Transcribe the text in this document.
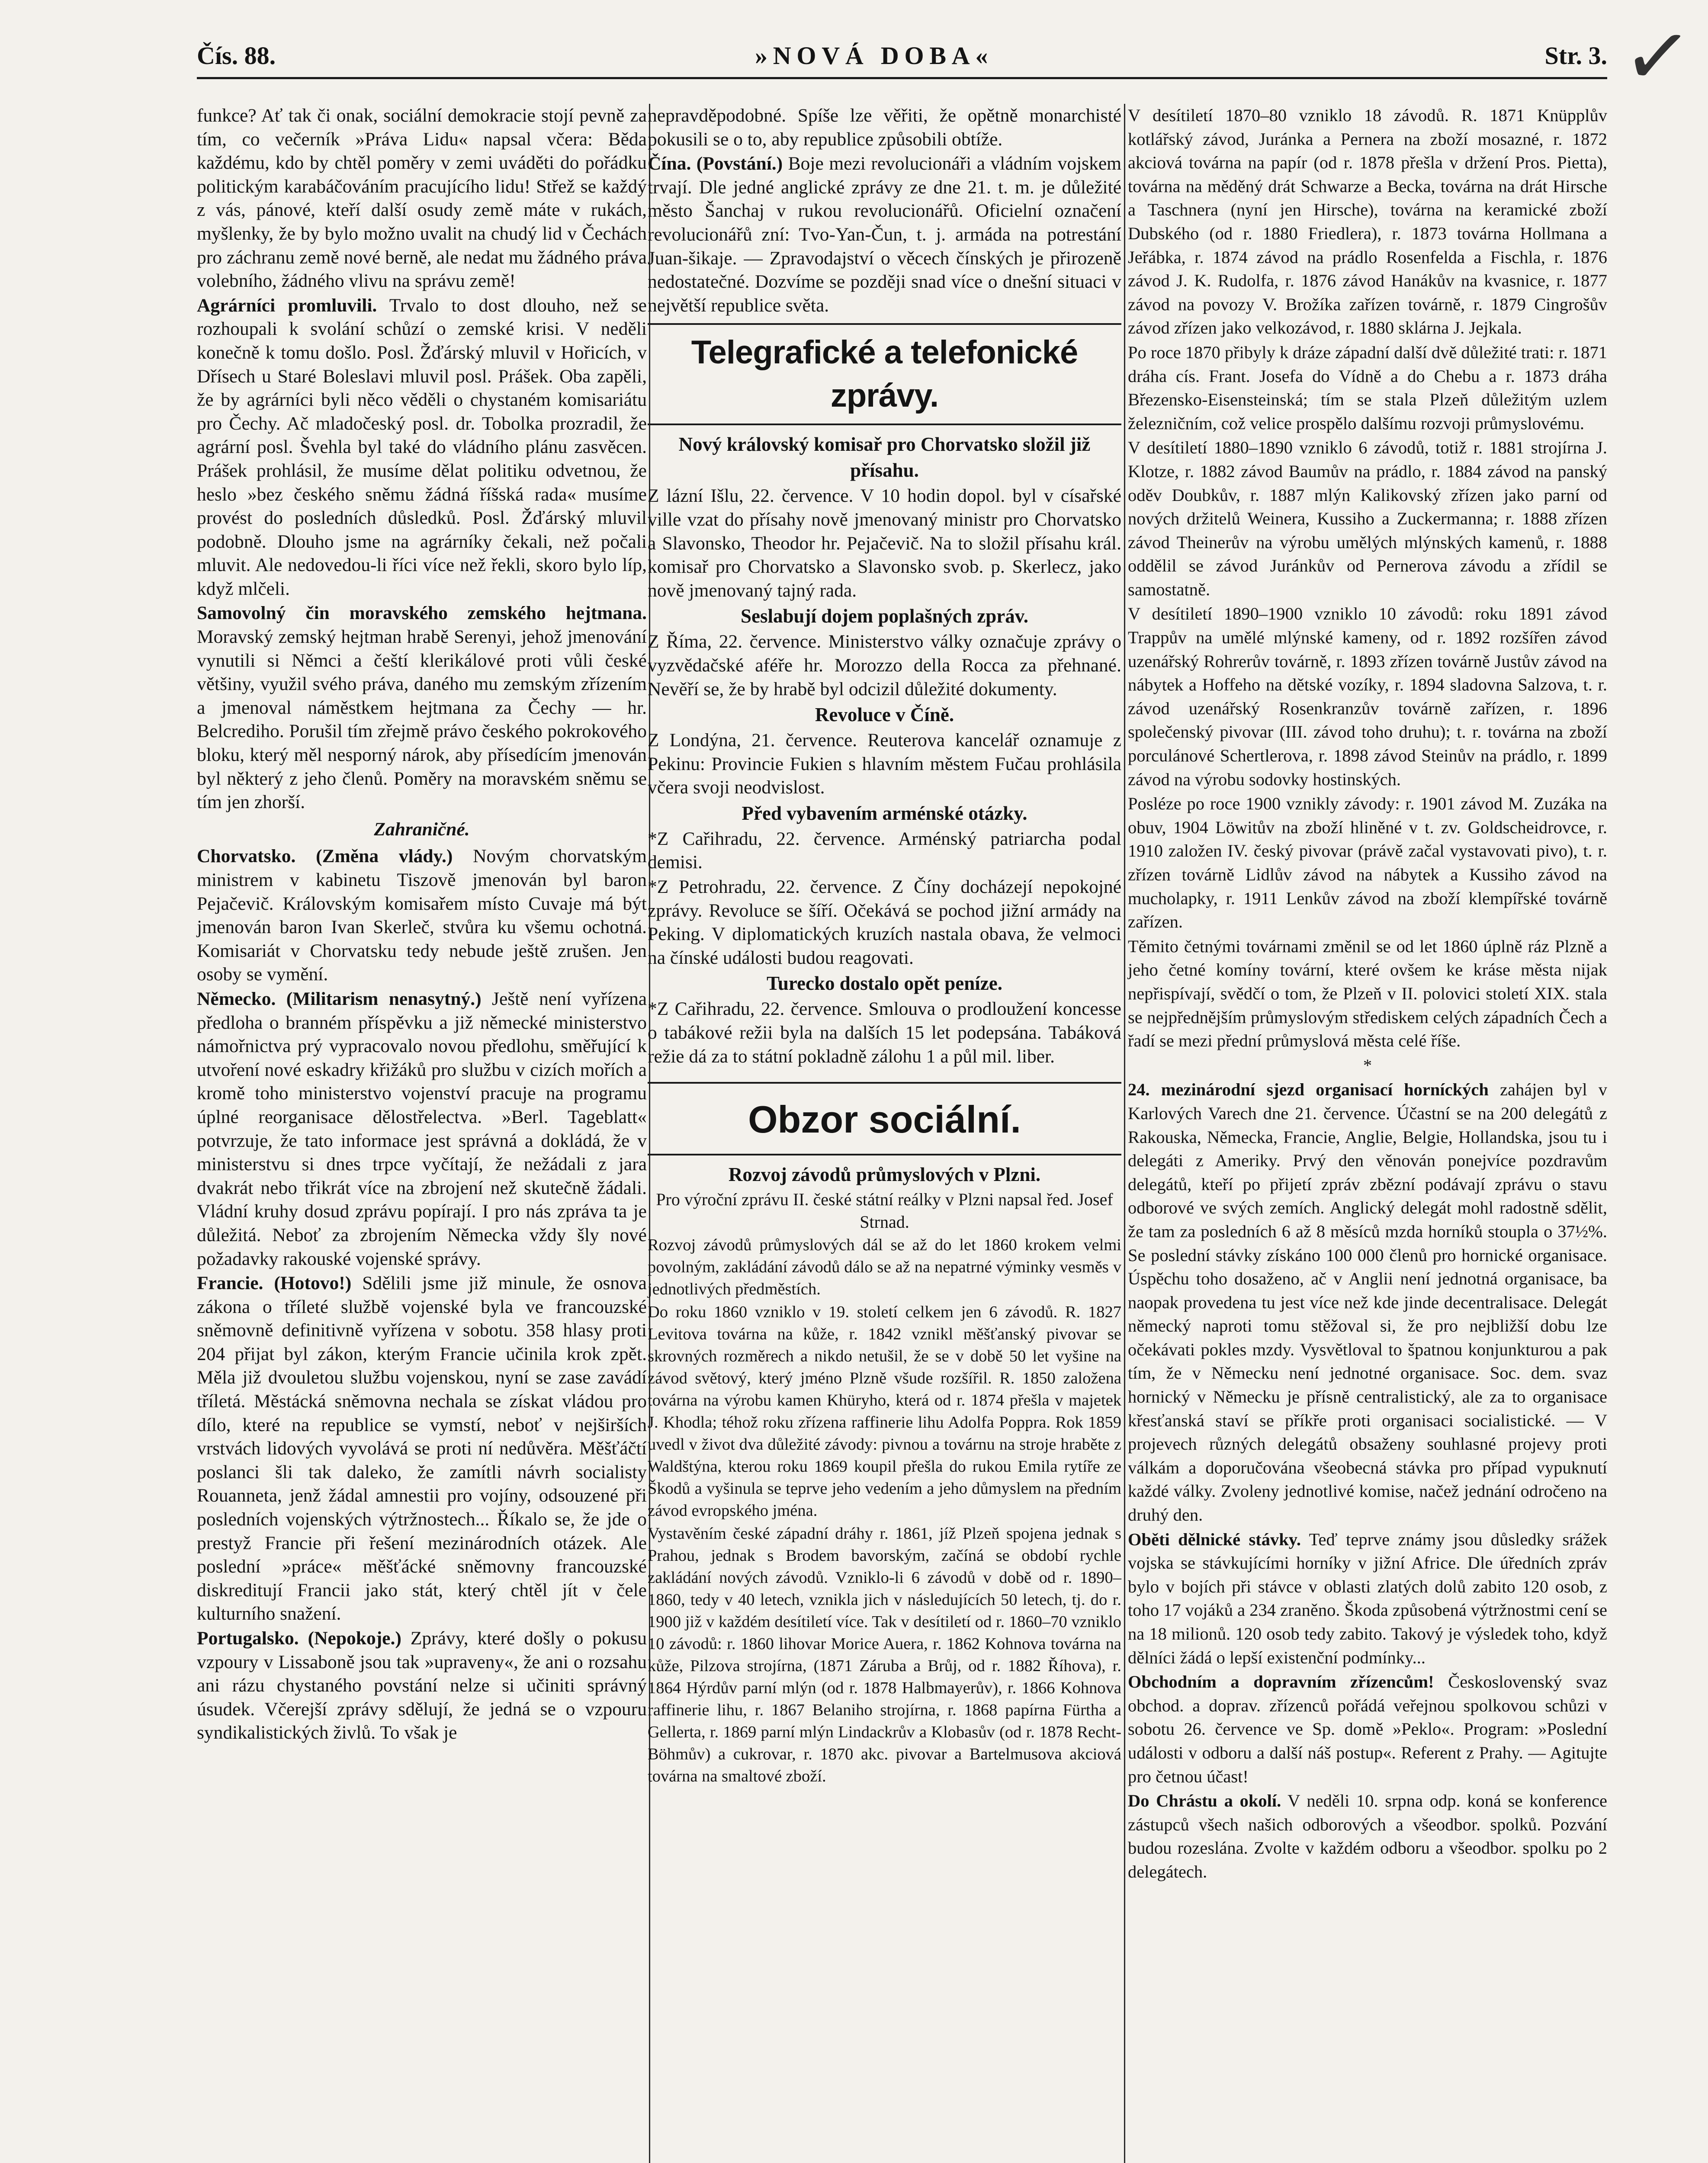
✓
Čís. 88.	»NOVÁ DOBA«	Str. 3.

funkce? Ať tak či onak, sociální demokracie stojí pevně za tím, co večerník »Práva Lidu« napsal včera: Běda každému, kdo by chtěl poměry v zemi uváděti do pořádku politickým karabáčováním pracujícího lidu! Střež se každý z vás, pánové, kteří další osudy země máte v rukách, myšlenky, že by bylo možno uvalit na chudý lid v Čechách pro záchranu země nové berně, ale nedat mu žádného práva volebního, žádného vlivu na správu země!

Agrárníci promluvili. Trvalo to dost dlouho, než se rozhoupali k svolání schůzí o zemské krisi. V neděli konečně k tomu došlo. Posl. Žďárský mluvil v Hořicích, v Dřísech u Staré Boleslavi mluvil posl. Prášek. Oba zapěli, že by agrárníci byli něco věděli o chystaném komisariátu pro Čechy. Ač mladočeský posl. dr. Tobolka prozradil, že agrární posl. Švehla byl také do vládního plánu zasvěcen. Prášek prohlásil, že musíme dělat politiku odvetnou, že heslo »bez českého sněmu žádná říšská rada« musíme provést do posledních důsledků. Posl. Žďárský mluvil podobně. Dlouho jsme na agrárníky čekali, než počali mluvit. Ale nedovedou-li říci více než řekli, skoro bylo líp, když mlčeli.

Samovolný čin moravského zemského hejtmana. Moravský zemský hejtman hrabě Serenyi, jehož jmenování vynutili si Němci a čeští klerikálové proti vůli české většiny, využil svého práva, daného mu zemským zřízením a jmenoval náměstkem hejtmana za Čechy — hr. Belcrediho. Porušil tím zřejmě právo českého pokrokového bloku, který měl nesporný nárok, aby přísedícím jmenován byl některý z jeho členů. Poměry na moravském sněmu se tím jen zhorší.

Zahraničné.

Chorvatsko. (Změna vlády.) Novým chorvatským ministrem v kabinetu Tiszově jmenován byl baron Pejačevič. Královským komisařem místo Cuvaje má být jmenován baron Ivan Skerleč, stvůra ku všemu ochotná. Komisariát v Chorvatsku tedy nebude ještě zrušen. Jen osoby se vymění.

Německo. (Militarism nenasytný.) Ještě není vyřízena předloha o branném příspěvku a již německé ministerstvo námořnictva prý vypracovalo novou předlohu, směřující k utvoření nové eskadry křižáků pro službu v cizích mořích a kromě toho ministerstvo vojenství pracuje na programu úplné reorganisace dělostřelectva. »Berl. Tageblatt« potvrzuje, že tato informace jest správná a dokládá, že v ministerstvu si dnes trpce vyčítají, že nežádali z jara dvakrát nebo třikrát více na zbrojení než skutečně žádali. Vládní kruhy dosud zprávu popírají. I pro nás zpráva ta je důležitá. Neboť za zbrojením Německa vždy šly nové požadavky rakouské vojenské správy.

Francie. (Hotovo!) Sdělili jsme již minule, že osnova zákona o tříleté službě vojenské byla ve francouzské sněmovně definitivně vyřízena v sobotu. 358 hlasy proti 204 přijat byl zákon, kterým Francie učinila krok zpět. Měla již dvouletou službu vojenskou, nyní se zase zavádí tříletá. Městácká sněmovna nechala se získat vládou pro dílo, které na republice se vymstí, neboť v nejširších vrstvách lidových vyvolává se proti ní nedůvěra. Měšťáčtí poslanci šli tak daleko, že zamítli návrh socialisty Rouanneta, jenž žádal amnestii pro vojíny, odsouzené při posledních vojenských výtržnostech... Říkalo se, že jde o prestyž Francie při řešení mezinárodních otázek. Ale poslední »práce« měšťácké sněmovny francouzské diskreditují Francii jako stát, který chtěl jít v čele kulturního snažení.

Portugalsko. (Nepokoje.) Zprávy, které došly o pokusu vzpoury v Lissaboně jsou tak »upraveny«, že ani o rozsahu ani rázu chystaného povstání nelze si učiniti správný úsudek. Včerejší zprávy sdělují, že jedná se o vzpouru syndikalistických živlů. To však je

nepravděpodobné. Spíše lze věřiti, že opětně monarchisté pokusili se o to, aby republice způsobili obtíže.

Čína. (Povstání.) Boje mezi revolucionáři a vládním vojskem trvají. Dle jedné anglické zprávy ze dne 21. t. m. je důležité město Šanchaj v rukou revolucionářů. Oficielní označení revolucionářů zní: Tvo-Yan-Čun, t. j. armáda na potrestání Juan-šikaje. — Zpravodajství o věcech čínských je přirozeně nedostatečné. Dozvíme se později snad více o dnešní situaci v největší republice světa.

Telegrafické a telefonické zprávy.

Nový královský komisař pro Chorvatsko složil již přísahu.

Z lázní Išlu, 22. července. V 10 hodin dopol. byl v císařské ville vzat do přísahy nově jmenovaný ministr pro Chorvatsko a Slavonsko, Theodor hr. Pejačevič. Na to složil přísahu král. komisař pro Chorvatsko a Slavonsko svob. p. Skerlecz, jako nově jmenovaný tajný rada.

Seslabují dojem poplašných zpráv.

Z Říma, 22. července. Ministerstvo války označuje zprávy o vyzvědačské aféře hr. Morozzo della Rocca za přehnané. Nevěří se, že by hrabě byl odcizil důležité dokumenty.

Revoluce v Číně.

Z Londýna, 21. července. Reuterova kancelář oznamuje z Pekinu: Provincie Fukien s hlavním městem Fučau prohlásila včera svoji neodvislost.

Před vybavením arménské otázky.

*Z Cařihradu, 22. července. Arménský patriarcha podal demisi.

*Z Petrohradu, 22. července. Z Číny docházejí nepokojné zprávy. Revoluce se šíří. Očekává se pochod jižní armády na Peking. V diplomatických kruzích nastala obava, že velmoci na čínské události budou reagovati.

Turecko dostalo opět peníze.

*Z Cařihradu, 22. července. Smlouva o prodloužení koncesse o tabákové režii byla na dalších 15 let podepsána. Tabáková režie dá za to státní pokladně zálohu 1 a půl mil. liber.

Obzor sociální.

Rozvoj závodů průmyslových v Plzni.

Pro výroční zprávu II. české státní reálky v Plzni napsal řed. Josef Strnad.

Rozvoj závodů průmyslových dál se až do let 1860 krokem velmi povolným, zakládání závodů dálo se až na nepatrné výminky vesměs v jednotlivých předměstích.

Do roku 1860 vzniklo v 19. století celkem jen 6 závodů. R. 1827 Levitova továrna na kůže, r. 1842 vznikl měšťanský pivovar se skrovných rozměrech a nikdo netušil, že se v době 50 let vyšine na závod světový, který jméno Plzně všude rozšířil. R. 1850 založena továrna na výrobu kamen Khüryho, která od r. 1874 přešla v majetek J. Khodla; téhož roku zřízena raffinerie lihu Adolfa Poppra. Rok 1859 uvedl v život dva důležité závody: pivnou a továrnu na stroje hraběte z Waldštýna, kterou roku 1869 koupil přešla do rukou Emila rytíře ze Škodů a vyšinula se teprve jeho vedením a jeho důmyslem na předním závod evropského jména.

Vystavěním české západní dráhy r. 1861, jíž Plzeň spojena jednak s Prahou, jednak s Brodem bavorským, začíná se období rychle zakládání nových závodů. Vzniklo-li 6 závodů v době od r. 1890–1860, tedy v 40 letech, vznikla jich v následujících 50 letech, tj. do r. 1900 již v každém desítiletí více. Tak v desítiletí od r. 1860–70 vzniklo 10 závodů: r. 1860 lihovar Morice Auera, r. 1862 Kohnova továrna na kůže, Pilzova strojírna, (1871 Záruba a Brůj, od r. 1882 Říhova), r. 1864 Hýrdův parní mlýn (od r. 1878 Halbmayerův), r. 1866 Kohnova raffinerie lihu, r. 1867 Belaniho strojírna, r. 1868 papírna Fürtha a Gellerta, r. 1869 parní mlýn Lindackrův a Klobasův (od r. 1878 Recht-Böhmův) a cukrovar, r. 1870 akc. pivovar a Bartelmusova akciová továrna na smaltové zboží.

V desítiletí 1870–80 vzniklo 18 závodů. R. 1871 Knüpplův kotlářský závod, Juránka a Pernera na zboží mosazné, r. 1872 akciová továrna na papír (od r. 1878 přešla v držení Pros. Pietta), továrna na měděný drát Schwarze a Becka, továrna na drát Hirsche a Taschnera (nyní jen Hirsche), továrna na keramické zboží Dubského (od r. 1880 Friedlera), r. 1873 továrna Hollmana a Jeřábka, r. 1874 závod na prádlo Rosenfelda a Fischla, r. 1876 závod J. K. Rudolfa, r. 1876 závod Hanákův na kvasnice, r. 1877 závod na povozy V. Brožíka zařízen továrně, r. 1879 Cingrošův závod zřízen jako velkozávod, r. 1880 sklárna J. Jejkala.

Po roce 1870 přibyly k dráze západní další dvě důležité trati: r. 1871 dráha cís. Frant. Josefa do Vídně a do Chebu a r. 1873 dráha Březensko-Eisensteinská; tím se stala Plzeň důležitým uzlem železničním, což velice prospělo dalšímu rozvoji průmyslovému.

V desítiletí 1880–1890 vzniklo 6 závodů, totiž r. 1881 strojírna J. Klotze, r. 1882 závod Baumův na prádlo, r. 1884 závod na panský oděv Doubkův, r. 1887 mlýn Kalikovský zřízen jako parní od nových držitelů Weinera, Kussiho a Zuckermanna; r. 1888 zřízen závod Theinerův na výrobu umělých mlýnských kamenů, r. 1888 oddělil se závod Juránkův od Pernerova závodu a zřídil se samostatně.

V desítiletí 1890–1900 vzniklo 10 závodů: roku 1891 závod Trappův na umělé mlýnské kameny, od r. 1892 rozšířen závod uzenářský Rohrerův továrně, r. 1893 zřízen továrně Justův závod na nábytek a Hoffeho na dětské vozíky, r. 1894 sladovna Salzova, t. r. závod uzenářský Rosenkranzův továrně zařízen, r. 1896 společenský pivovar (III. závod toho druhu); t. r. továrna na zboží porculánové Schertlerova, r. 1898 závod Steinův na prádlo, r. 1899 závod na výrobu sodovky hostinských.

Posléze po roce 1900 vznikly závody: r. 1901 závod M. Zuzáka na obuv, 1904 Löwitův na zboží hliněné v t. zv. Goldscheidrovce, r. 1910 založen IV. český pivovar (právě začal vystavovati pivo), t. r. zřízen továrně Lidlův závod na nábytek a Kussiho závod na mucholapky, r. 1911 Lenkův závod na zboží klempířské továrně zařízen.

Těmito četnými továrnami změnil se od let 1860 úplně ráz Plzně a jeho četné komíny tovární, které ovšem ke kráse města nijak nepřispívají, svědčí o tom, že Plzeň v II. polovici století XIX. stala se nejpřednějším průmyslovým střediskem celých západních Čech a řadí se mezi přední průmyslová města celé říše.

*

24. mezinárodní sjezd organisací horníckých zahájen byl v Karlových Varech dne 21. července. Účastní se na 200 delegátů z Rakouska, Německa, Francie, Anglie, Belgie, Hollandska, jsou tu i delegáti z Ameriky. Prvý den věnován ponejvíce pozdravům delegátů, kteří po přijetí zpráv zbězní podávají zprávu o stavu odborové ve svých zemích. Anglický delegát mohl radostně sdělit, že tam za posledních 6 až 8 měsíců mzda horníků stoupla o 37½%. Se poslední stávky získáno 100 000 členů pro hornické organisace. Úspěchu toho dosaženo, ač v Anglii není jednotná organisace, ba naopak provedena tu jest více než kde jinde decentralisace. Delegát německý naproti tomu stěžoval si, že pro nejbližší dobu lze očekávati pokles mzdy. Vysvětloval to špatnou konjunkturou a pak tím, že v Německu není jednotné organisace. Soc. dem. svaz hornický v Německu je přísně centralistický, ale za to organisace křesťanská staví se příkře proti organisaci socialistické. — V projevech různých delegátů obsaženy souhlasné projevy proti válkám a doporučována všeobecná stávka pro případ vypuknutí každé války. Zvoleny jednotlivé komise, načež jednání odročeno na druhý den.

Oběti dělnické stávky. Teď teprve známy jsou důsledky srážek vojska se stávkujícími horníky v jižní Africe. Dle úředních zpráv bylo v bojích při stávce v oblasti zlatých dolů zabito 120 osob, z toho 17 vojáků a 234 zraněno. Škoda způsobená výtržnostmi cení se na 18 milionů. 120 osob tedy zabito. Takový je výsledek toho, když dělníci žádá o lepší existenční podmínky...

Obchodním a dopravním zřízencům! Československý svaz obchod. a doprav. zřízenců pořádá veřejnou spolkovou schůzi v sobotu 26. července ve Sp. domě »Peklo«. Program: »Poslední události v odboru a další náš postup«. Referent z Prahy. — Agitujte pro četnou účast!

Do Chrástu a okolí. V neděli 10. srpna odp. koná se konference zástupců všech našich odborových a všeodbor. spolků. Pozvání budou rozeslána. Zvolte v každém odboru a všeodbor. spolku po 2 delegátech.
